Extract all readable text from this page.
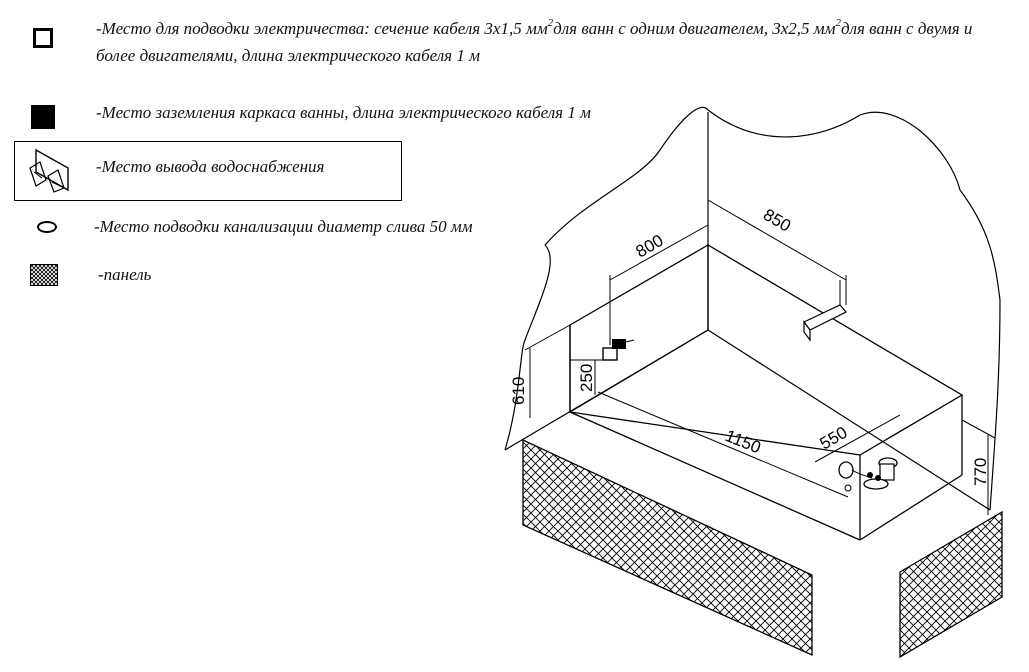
-Место для подводки электричества: сечение кабеля 3х1,5 $мм^2для$ ванн с одним двигателем, 3х2,5 $мм^2для$ ванн с двумя и
более двигателями, длина электрического кабеля 1 м
-Место заземления каркаса ванны, длина электрического кабеля 1 м
-Место вывода водоснабжения
-Место подводки канализации диаметр слива 50 мм
-панель
800
850
250
610
1150	550
770
